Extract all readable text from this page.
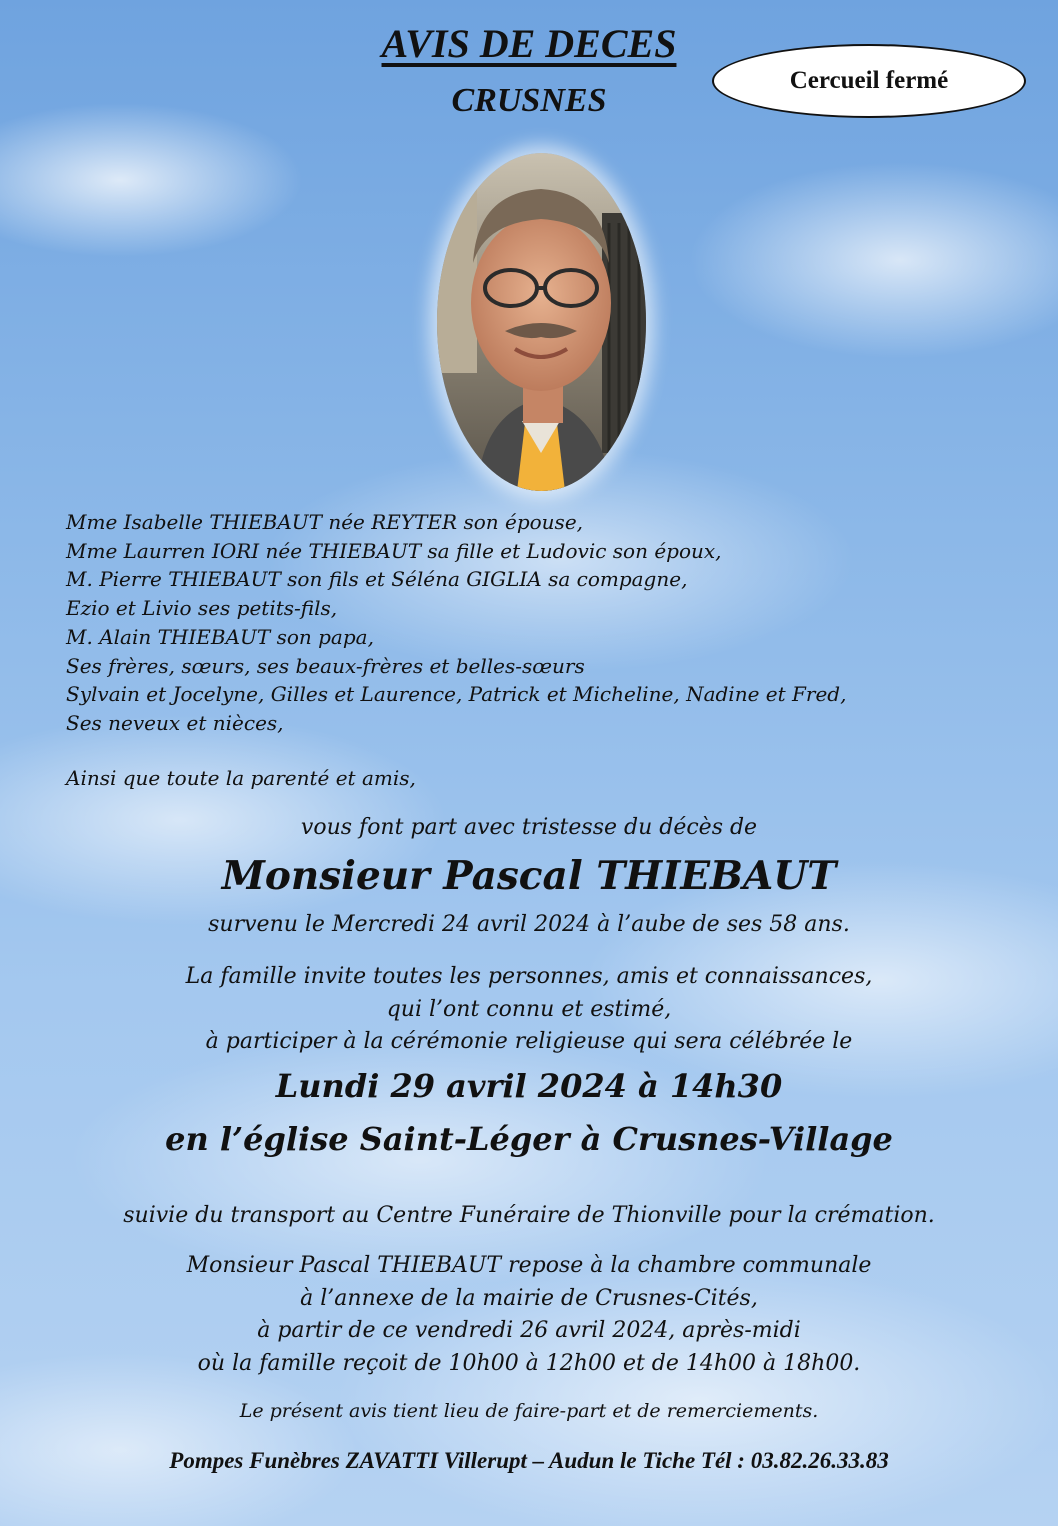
AVIS DE DECES
CRUSNES
Cercueil fermé
Mme Isabelle THIEBAUT née REYTER son épouse,
Mme Laurren IORI née THIEBAUT sa fille et Ludovic son époux,
M. Pierre THIEBAUT son fils et Séléna GIGLIA sa compagne,
Ezio et Livio ses petits-fils,
M. Alain THIEBAUT son papa,
Ses frères, sœurs, ses beaux-frères et belles-sœurs
Sylvain et Jocelyne, Gilles et Laurence, Patrick et Micheline, Nadine et Fred,
Ses neveux et nièces,
Ainsi que toute la parenté et amis,
vous font part avec tristesse du décès de
Monsieur Pascal THIEBAUT
survenu le Mercredi 24 avril 2024 à l’aube de ses 58 ans.
La famille invite toutes les personnes, amis et connaissances,
qui l’ont connu et estimé,
à participer à la cérémonie religieuse qui sera célébrée le
Lundi 29 avril 2024 à 14h30
en l’église Saint-Léger à Crusnes-Village
suivie du transport au Centre Funéraire de Thionville pour la crémation.
Monsieur Pascal THIEBAUT repose à la chambre communale
à l’annexe de la mairie de Crusnes-Cités,
à partir de ce vendredi 26 avril 2024, après-midi
où la famille reçoit de 10h00 à 12h00 et de 14h00 à 18h00.
Le présent avis tient lieu de faire-part et de remerciements.
Pompes Funèbres ZAVATTI Villerupt – Audun le Tiche Tél : 03.82.26.33.83
